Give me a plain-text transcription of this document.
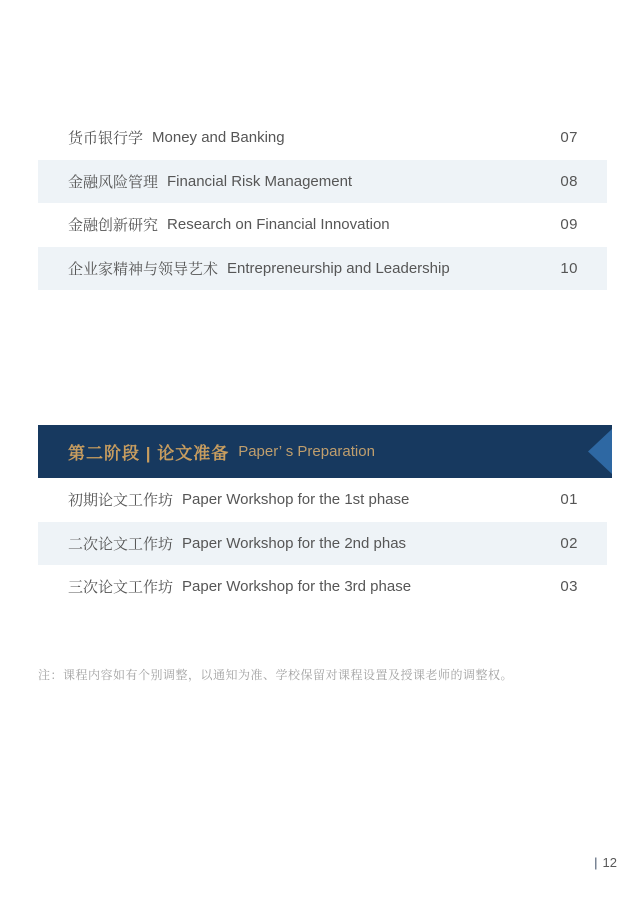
货币银行学 Money and Banking	07
金融风险管理 Financial Risk Management	08
金融创新研究 Research on Financial Innovation	09
企业家精神与领导艺术 Entrepreneurship and Leadership	10
第二阶段 | 论文准备 Paper’ s Preparation
初期论文工作坊 Paper Workshop for the 1st phase	01
二次论文工作坊 Paper Workshop for the 2nd phas	02
三次论文工作坊 Paper Workshop for the 3rd phase	03
注：课程内容如有个别调整，以通知为准、学校保留对课程设置及授课老师的调整权。
| 12
